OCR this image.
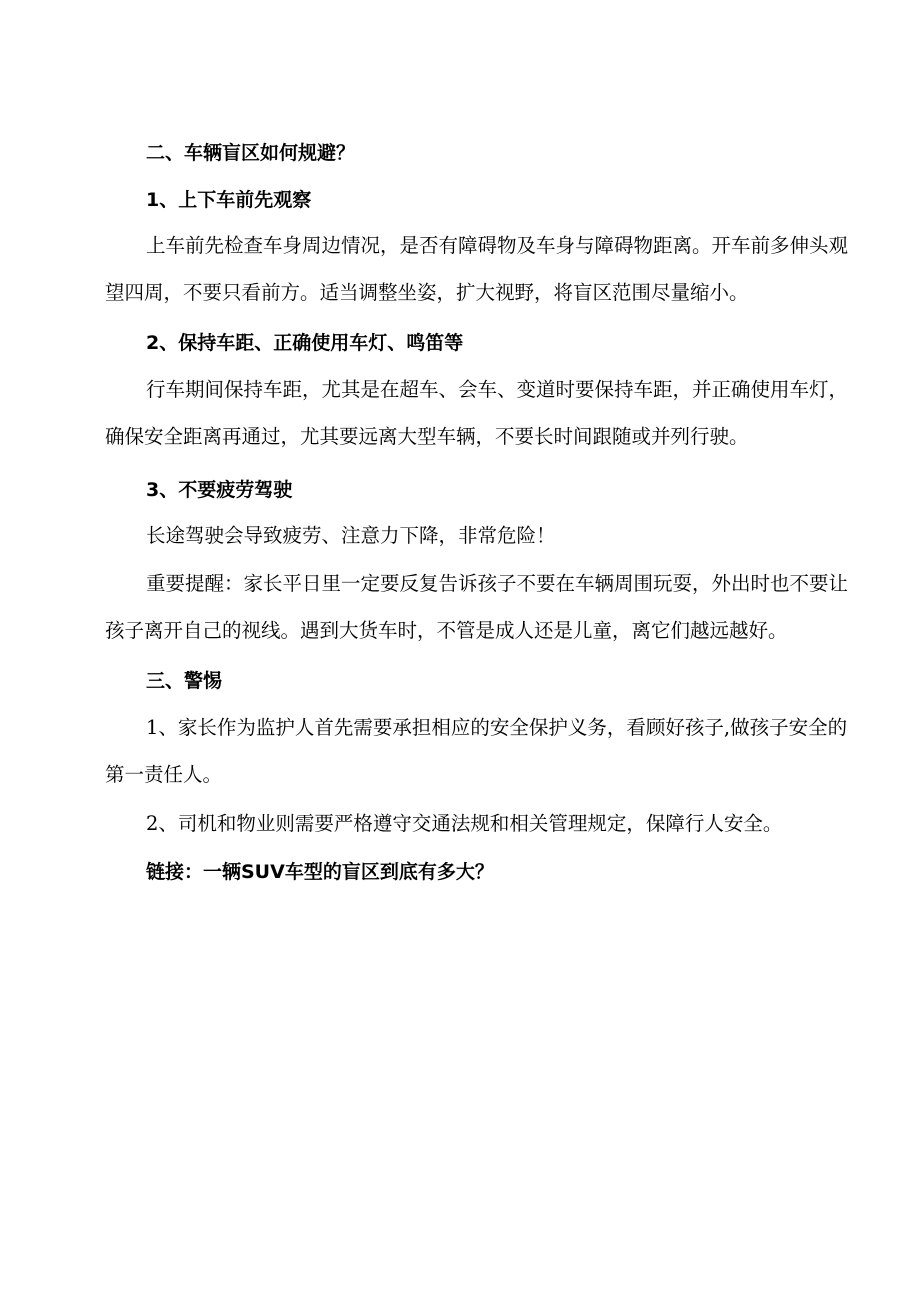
二、车辆盲区如何规避？
1、上下车前先观察

上车前先检查车身周边情况，是否有障碍物及车身与障碍物距离。开车前多伸头观望四周，不要只看前方。适当调整坐姿，扩大视野，将盲区范围尽量缩小。

2、保持车距、正确使用车灯、鸣笛等

行车期间保持车距，尤其是在超车、会车、变道时要保持车距，并正确使用车灯，确保安全距离再通过，尤其要远离大型车辆，不要长时间跟随或并列行驶。

3、不要疲劳驾驶

长途驾驶会导致疲劳、注意力下降，非常危险！

重要提醒：家长平日里一定要反复告诉孩子不要在车辆周围玩耍，外出时也不要让孩子离开自己的视线。遇到大货车时，不管是成人还是儿童，离它们越远越好。

三、警惕

1、家长作为监护人首先需要承担相应的安全保护义务，看顾好孩子,做孩子安全的第一责任人。

2、司机和物业则需要严格遵守交通法规和相关管理规定，保障行人安全。

链接：一辆SUV车型的盲区到底有多大？
